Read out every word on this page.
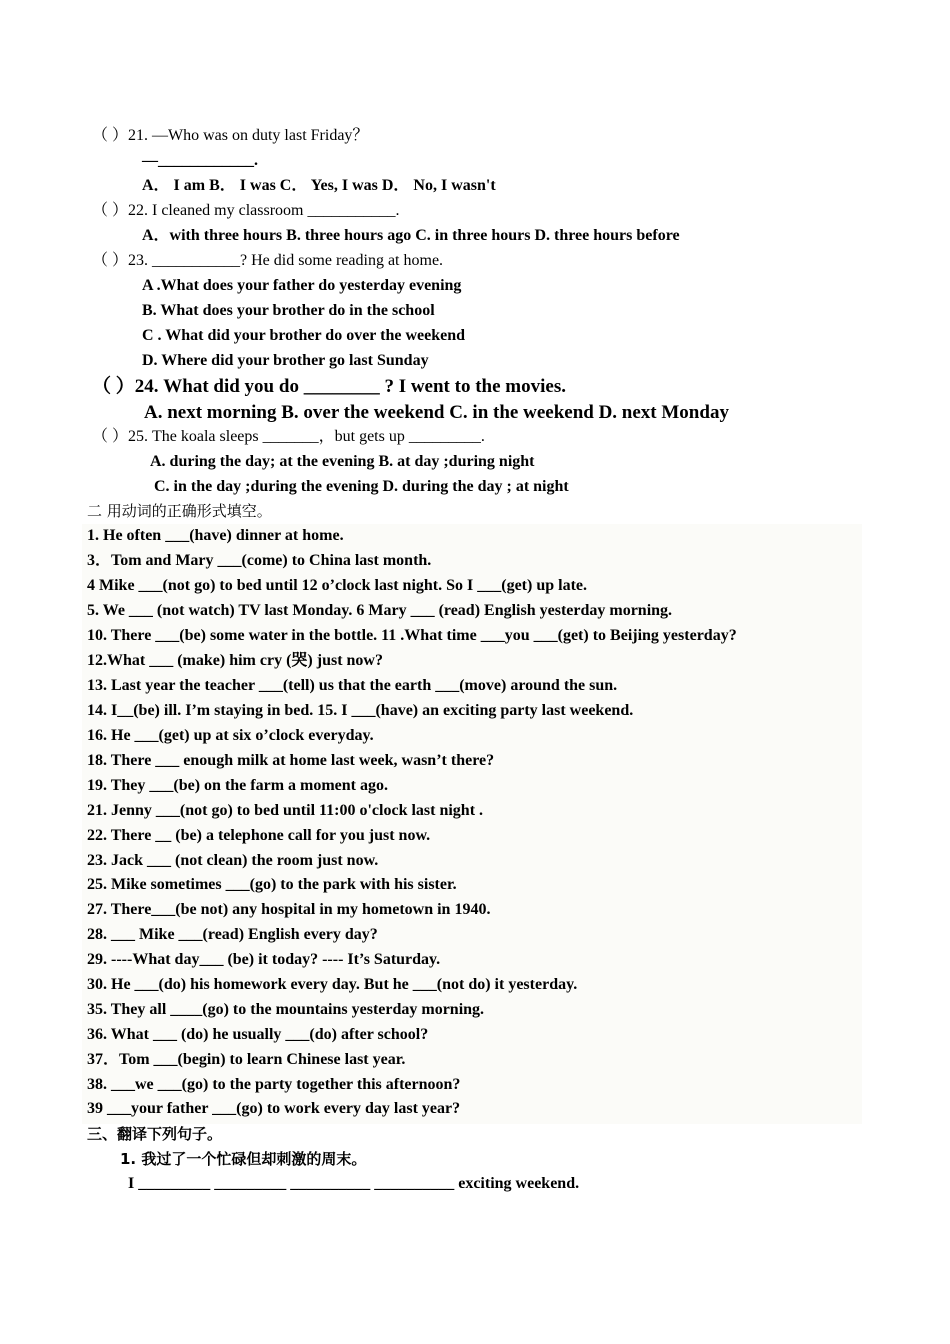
（ ）21. —Who was on duty last Friday？
—____________.
A． I am B． I was C． Yes, I was D． No, I wasn't
（ ）22. I cleaned my classroom ___________.
A．with three hours B. three hours ago C. in three hours D. three hours before
（ ）23. ___________? He did some reading at home.
A .What does your father do yesterday evening
B. What does your brother do in the school
C . What did your brother do over the weekend
D. Where did your brother go last Sunday
（ ）24. What did you do ________ ? I went to the movies.
A. next morning B. over the weekend C. in the weekend D. next Monday
（ ）25. The koala sleeps _______，but gets up _________.
A. during the day; at the evening B. at day ;during night
C. in the day ;during the evening D. during the day ; at night
二 用动词的正确形式填空。
1. He often ___(have) dinner at home.
3．Tom and Mary ___(come) to China last month.
4 Mike ___(not go) to bed until 12 o’clock last night. So I ___(get) up late.
5. We ___ (not watch) TV last Monday. 6 Mary ___ (read) English yesterday morning.
10. There ___(be) some water in the bottle. 11 .What time ___you ___(get) to Beijing yesterday?
12.What ___ (make) him cry (哭) just now?
13. Last year the teacher ___(tell) us that the earth ___(move) around the sun.
14. I__(be) ill. I’m staying in bed. 15. I ___(have) an exciting party last weekend.
16. He ___(get) up at six o’clock everyday.
18. There ___ enough milk at home last week, wasn’t there?
19. They ___(be) on the farm a moment ago.
21. Jenny ___(not go) to bed until 11:00 o'clock last night .
22. There __ (be) a telephone call for you just now.
23. Jack ___ (not clean) the room just now.
25. Mike sometimes ___(go) to the park with his sister.
27. There___(be not) any hospital in my hometown in 1940.
28. ___ Mike ___(read) English every day?
29. ----What day___ (be) it today? ---- It’s Saturday.
30. He ___(do) his homework every day. But he ___(not do) it yesterday.
35. They all ____(go) to the mountains yesterday morning.
36. What ___ (do) he usually ___(do) after school?
37．Tom ___(begin) to learn Chinese last year.
38. ___we ___(go) to the party together this afternoon?
39 ___your father ___(go) to work every day last year?
三、翻译下列句子。
1. 我过了一个忙碌但却刺激的周末。
I _________ _________ __________ __________ exciting weekend.
